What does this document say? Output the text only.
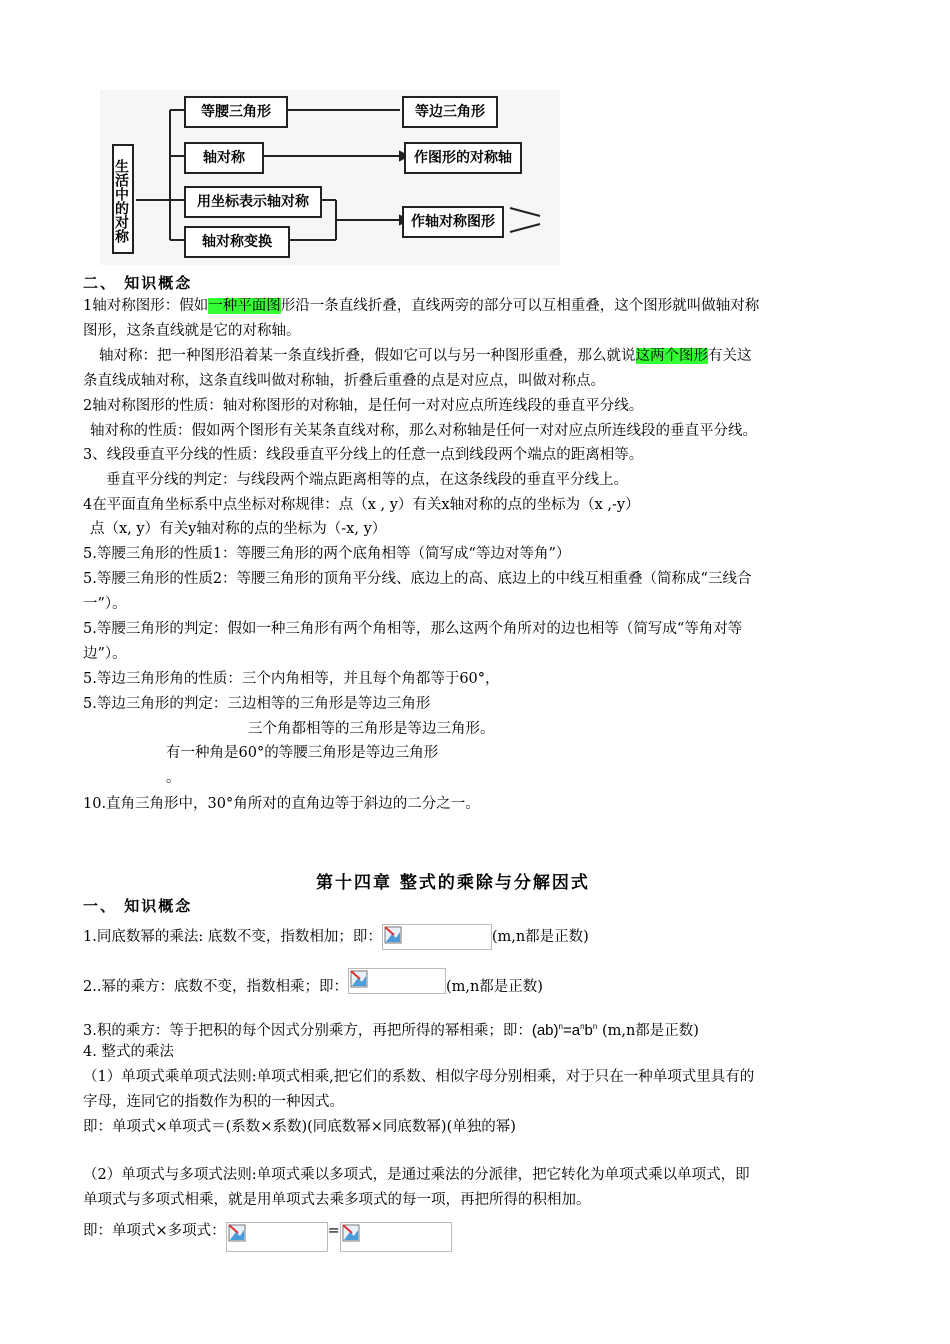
生活中的对称
等腰三角形	等边三角形
轴对称	作图形的对称轴
用坐标表示轴对称
轴对称变换
作轴对称图形
二、 知识概念
1轴对称图形：假如一种平面图形沿一条直线折叠，直线两旁的部分可以互相重叠，这个图形就叫做轴对称
图形，这条直线就是它的对称轴。
轴对称：把一种图形沿着某一条直线折叠，假如它可以与另一种图形重叠，那么就说这两个图形有关这
条直线成轴对称，这条直线叫做对称轴，折叠后重叠的点是对应点，叫做对称点。
2轴对称图形的性质：轴对称图形的对称轴，是任何一对对应点所连线段的垂直平分线。
轴对称的性质：假如两个图形有关某条直线对称，那么对称轴是任何一对对应点所连线段的垂直平分线。
3、线段垂直平分线的性质：线段垂直平分线上的任意一点到线段两个端点的距离相等。
垂直平分线的判定：与线段两个端点距离相等的点，在这条线段的垂直平分线上。
4在平面直角坐标系中点坐标对称规律：点（x , y）有关x轴对称的点的坐标为（x ,-y）
点（x, y）有关y轴对称的点的坐标为（-x, y）
5.等腰三角形的性质1：等腰三角形的两个底角相等（简写成“等边对等角”）
5.等腰三角形的性质2：等腰三角形的顶角平分线、底边上的高、底边上的中线互相重叠（简称成“三线合
一”）。
5.等腰三角形的判定：假如一种三角形有两个角相等，那么这两个角所对的边也相等（简写成“等角对等
边”）。
5.等边三角形角的性质：三个内角相等，并且每个角都等于60°，
5.等边三角形的判定：三边相等的三角形是等边三角形
三个角都相等的三角形是等边三角形。
有一种角是60°的等腰三角形是等边三角形
。
10.直角三角形中，30°角所对的直角边等于斜边的二分之一。
第十四章 整式的乘除与分解因式
一、 知识概念
1.同底数幂的乘法: 底数不变，指数相加；即：	(m,n都是正数)
2..幂的乘方：底数不变，指数相乘；即：	(m,n都是正数)
3.积的乘方：等于把积的每个因式分别乘方，再把所得的幂相乘；即：$(ab)^n=a^nb^n$ (m,n都是正数)
4. 整式的乘法
（1）单项式乘单项式法则:单项式相乘,把它们的系数、相似字母分别相乘，对于只在一种单项式里具有的
字母，连同它的指数作为积的一种因式。
即：单项式×单项式＝(系数×系数)(同底数幂×同底数幂)(单独的幂)
（2）单项式与多项式法则:单项式乘以多项式，是通过乘法的分派律，把它转化为单项式乘以单项式，即
单项式与多项式相乘，就是用单项式去乘多项式的每一项，再把所得的积相加。
即：单项式×多项式：	=
